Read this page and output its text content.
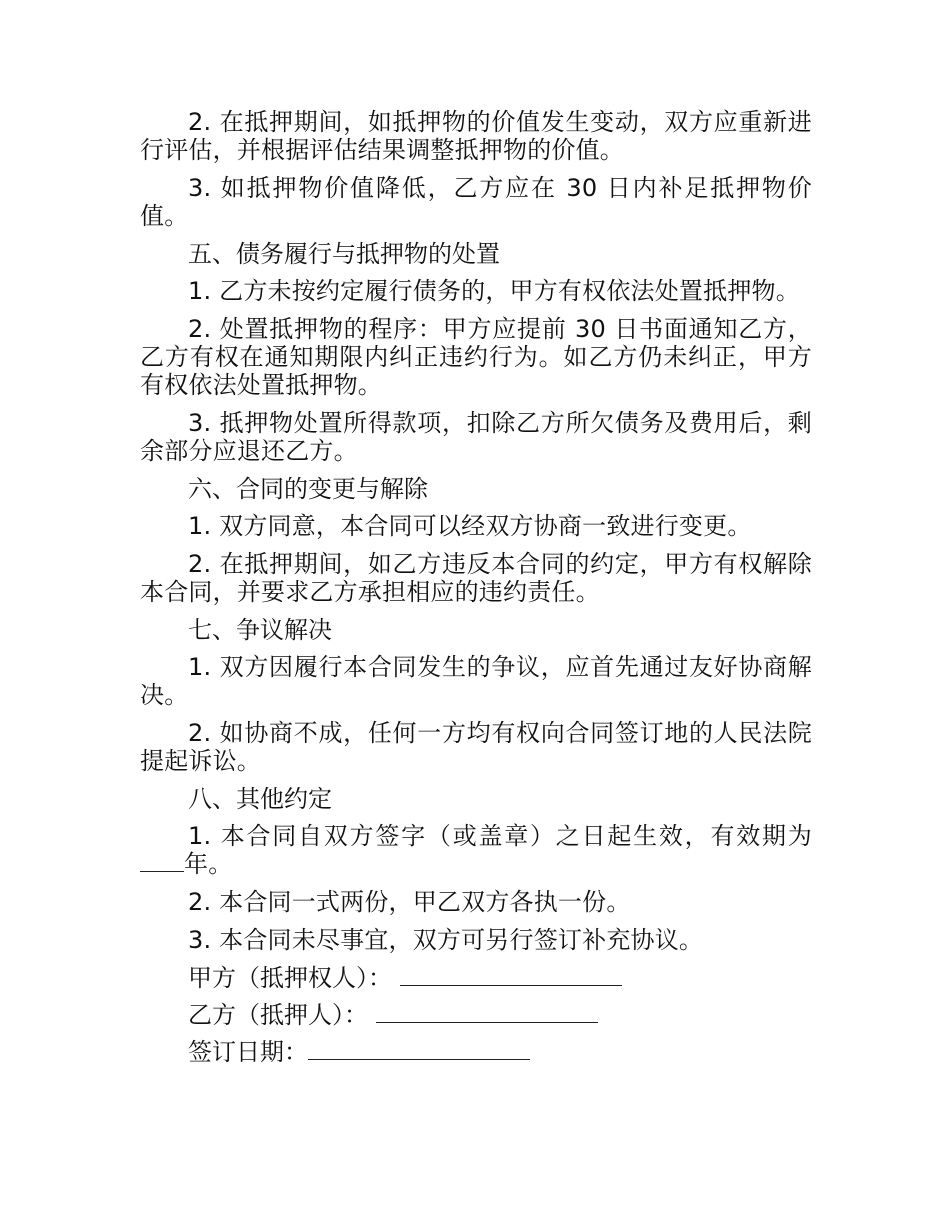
2. 在抵押期间，如抵押物的价值发生变动，双方应重新进行评估，并根据评估结果调整抵押物的价值。

3. 如抵押物价值降低，乙方应在 30 日内补足抵押物价值。

五、债务履行与抵押物的处置

1. 乙方未按约定履行债务的，甲方有权依法处置抵押物。

2. 处置抵押物的程序：甲方应提前 30 日书面通知乙方，乙方有权在通知期限内纠正违约行为。如乙方仍未纠正，甲方有权依法处置抵押物。

3. 抵押物处置所得款项，扣除乙方所欠债务及费用后，剩余部分应退还乙方。

六、合同的变更与解除

1. 双方同意，本合同可以经双方协商一致进行变更。

2. 在抵押期间，如乙方违反本合同的约定，甲方有权解除本合同，并要求乙方承担相应的违约责任。

七、争议解决

1. 双方因履行本合同发生的争议，应首先通过友好协商解决。

2. 如协商不成，任何一方均有权向合同签订地的人民法院提起诉讼。

八、其他约定

1. 本合同自双方签字（或盖章）之日起生效，有效期为年。

2. 本合同一式两份，甲乙双方各执一份。

3. 本合同未尽事宜，双方可另行签订补充协议。

甲方（抵押权人）：

乙方（抵押人）：

签订日期：
